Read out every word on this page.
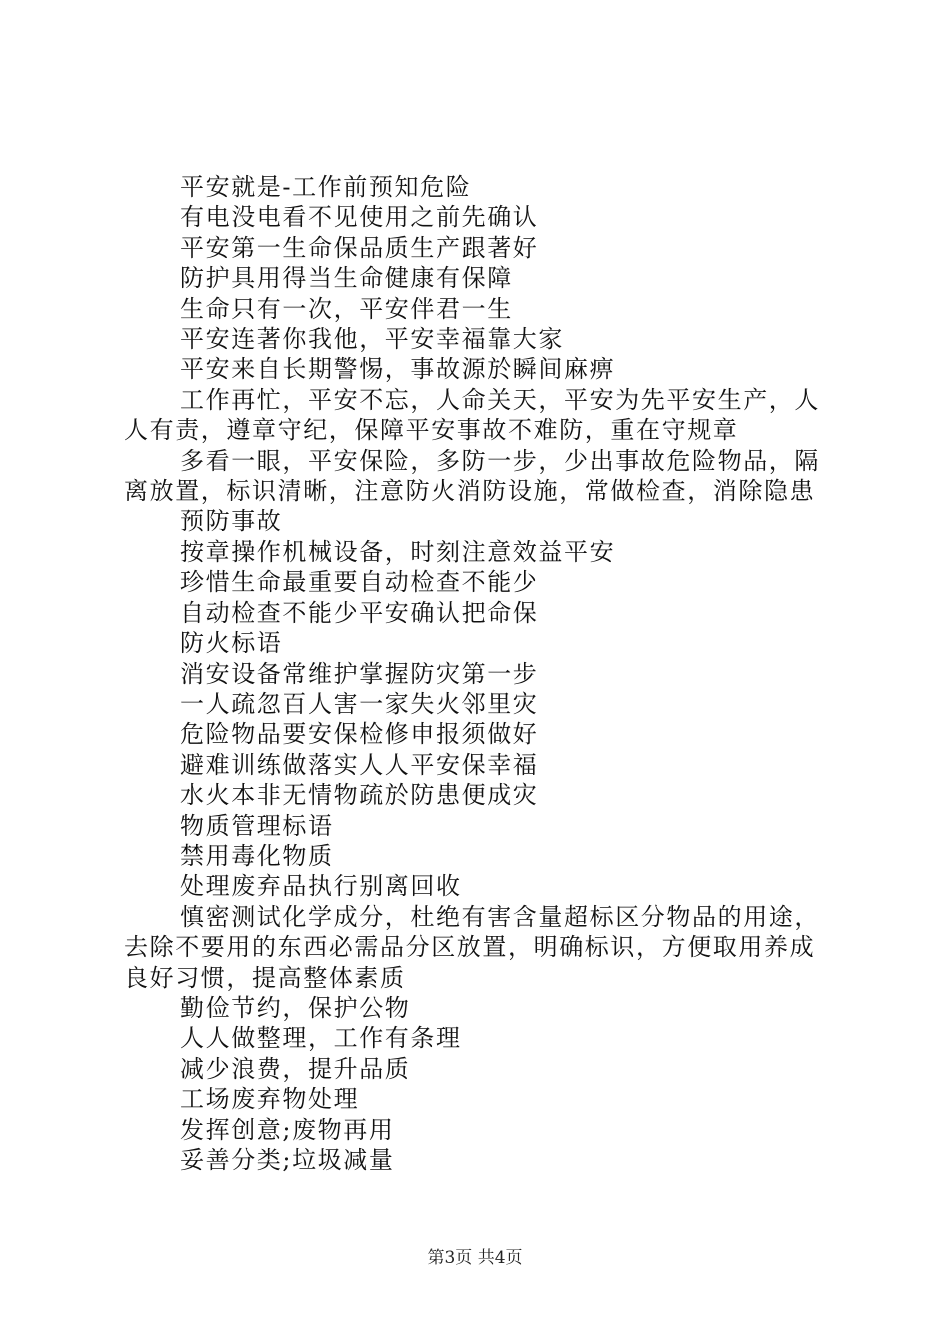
平安就是-工作前预知危险

有电没电看不见使用之前先确认

平安第一生命保品质生产跟著好

防护具用得当生命健康有保障

生命只有一次，平安伴君一生

平安连著你我他，平安幸福靠大家

平安来自长期警惕，事故源於瞬间麻痹

工作再忙，平安不忘，人命关天，平安为先平安生产，人人有责，遵章守纪，保障平安事故不难防，重在守规章

多看一眼，平安保险，多防一步，少出事故危险物品，隔离放置，标识清晰，注意防火消防设施，常做检查，消除隐患

预防事故

按章操作机械设备，时刻注意效益平安

珍惜生命最重要自动检查不能少

自动检查不能少平安确认把命保

防火标语

消安设备常维护掌握防灾第一步

一人疏忽百人害一家失火邻里灾

危险物品要安保检修申报须做好

避难训练做落实人人平安保幸福

水火本非无情物疏於防患便成灾

物质管理标语

禁用毒化物质

处理废弃品执行别离回收

慎密测试化学成分，杜绝有害含量超标区分物品的用途，去除不要用的东西必需品分区放置，明确标识，方便取用养成良好习惯，提高整体素质

勤俭节约，保护公物

人人做整理，工作有条理

减少浪费，提升品质

工场废弃物处理

发挥创意;废物再用

妥善分类;垃圾减量

第3页 共4页
